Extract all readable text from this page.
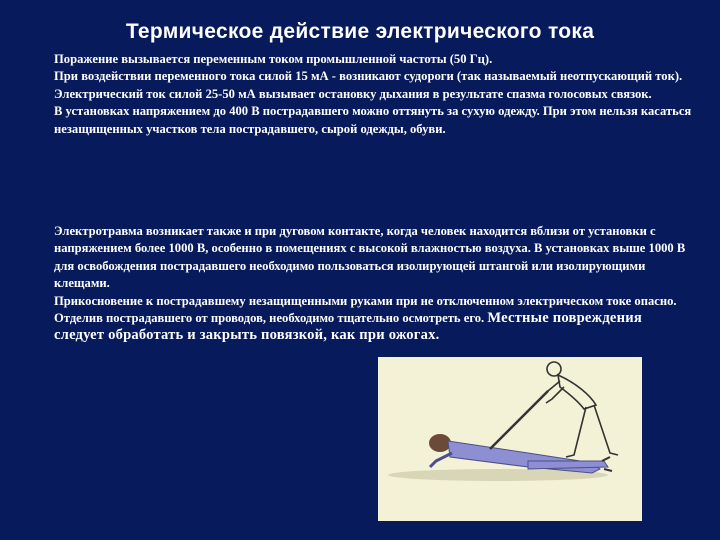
Термическое действие электрического тока

Поражение вызывается переменным током промышленной частоты (50 Гц).

При воздействии переменного тока силой 15 мА - возникают судороги (так называемый неотпускающий ток).

Электрический ток силой 25-50 мА вызывает остановку дыхания в результате спазма голосовых связок.

В установках напряжением до 400 В пострадавшего можно оттянуть за сухую одежду. При этом нельзя касаться незащищенных участков тела пострадавшего, сырой одежды, обуви.

Электротравма возникает также и при дуговом контакте, когда человек находится вблизи от установки с напряжением более 1000 В, особенно в помещениях с высокой влажностью воздуха. В установках выше 1000 В для освобождения пострадавшего необходимо пользоваться изолирующей штангой или изолирующими клещами.
Прикосновение к пострадавшему незащищенными руками при не отключенном электрическом токе опасно. Отделив пострадавшего от проводов, необходимо тщательно осмотреть его. Местные повреждения следует обработать и закрыть повязкой, как при ожогах.
